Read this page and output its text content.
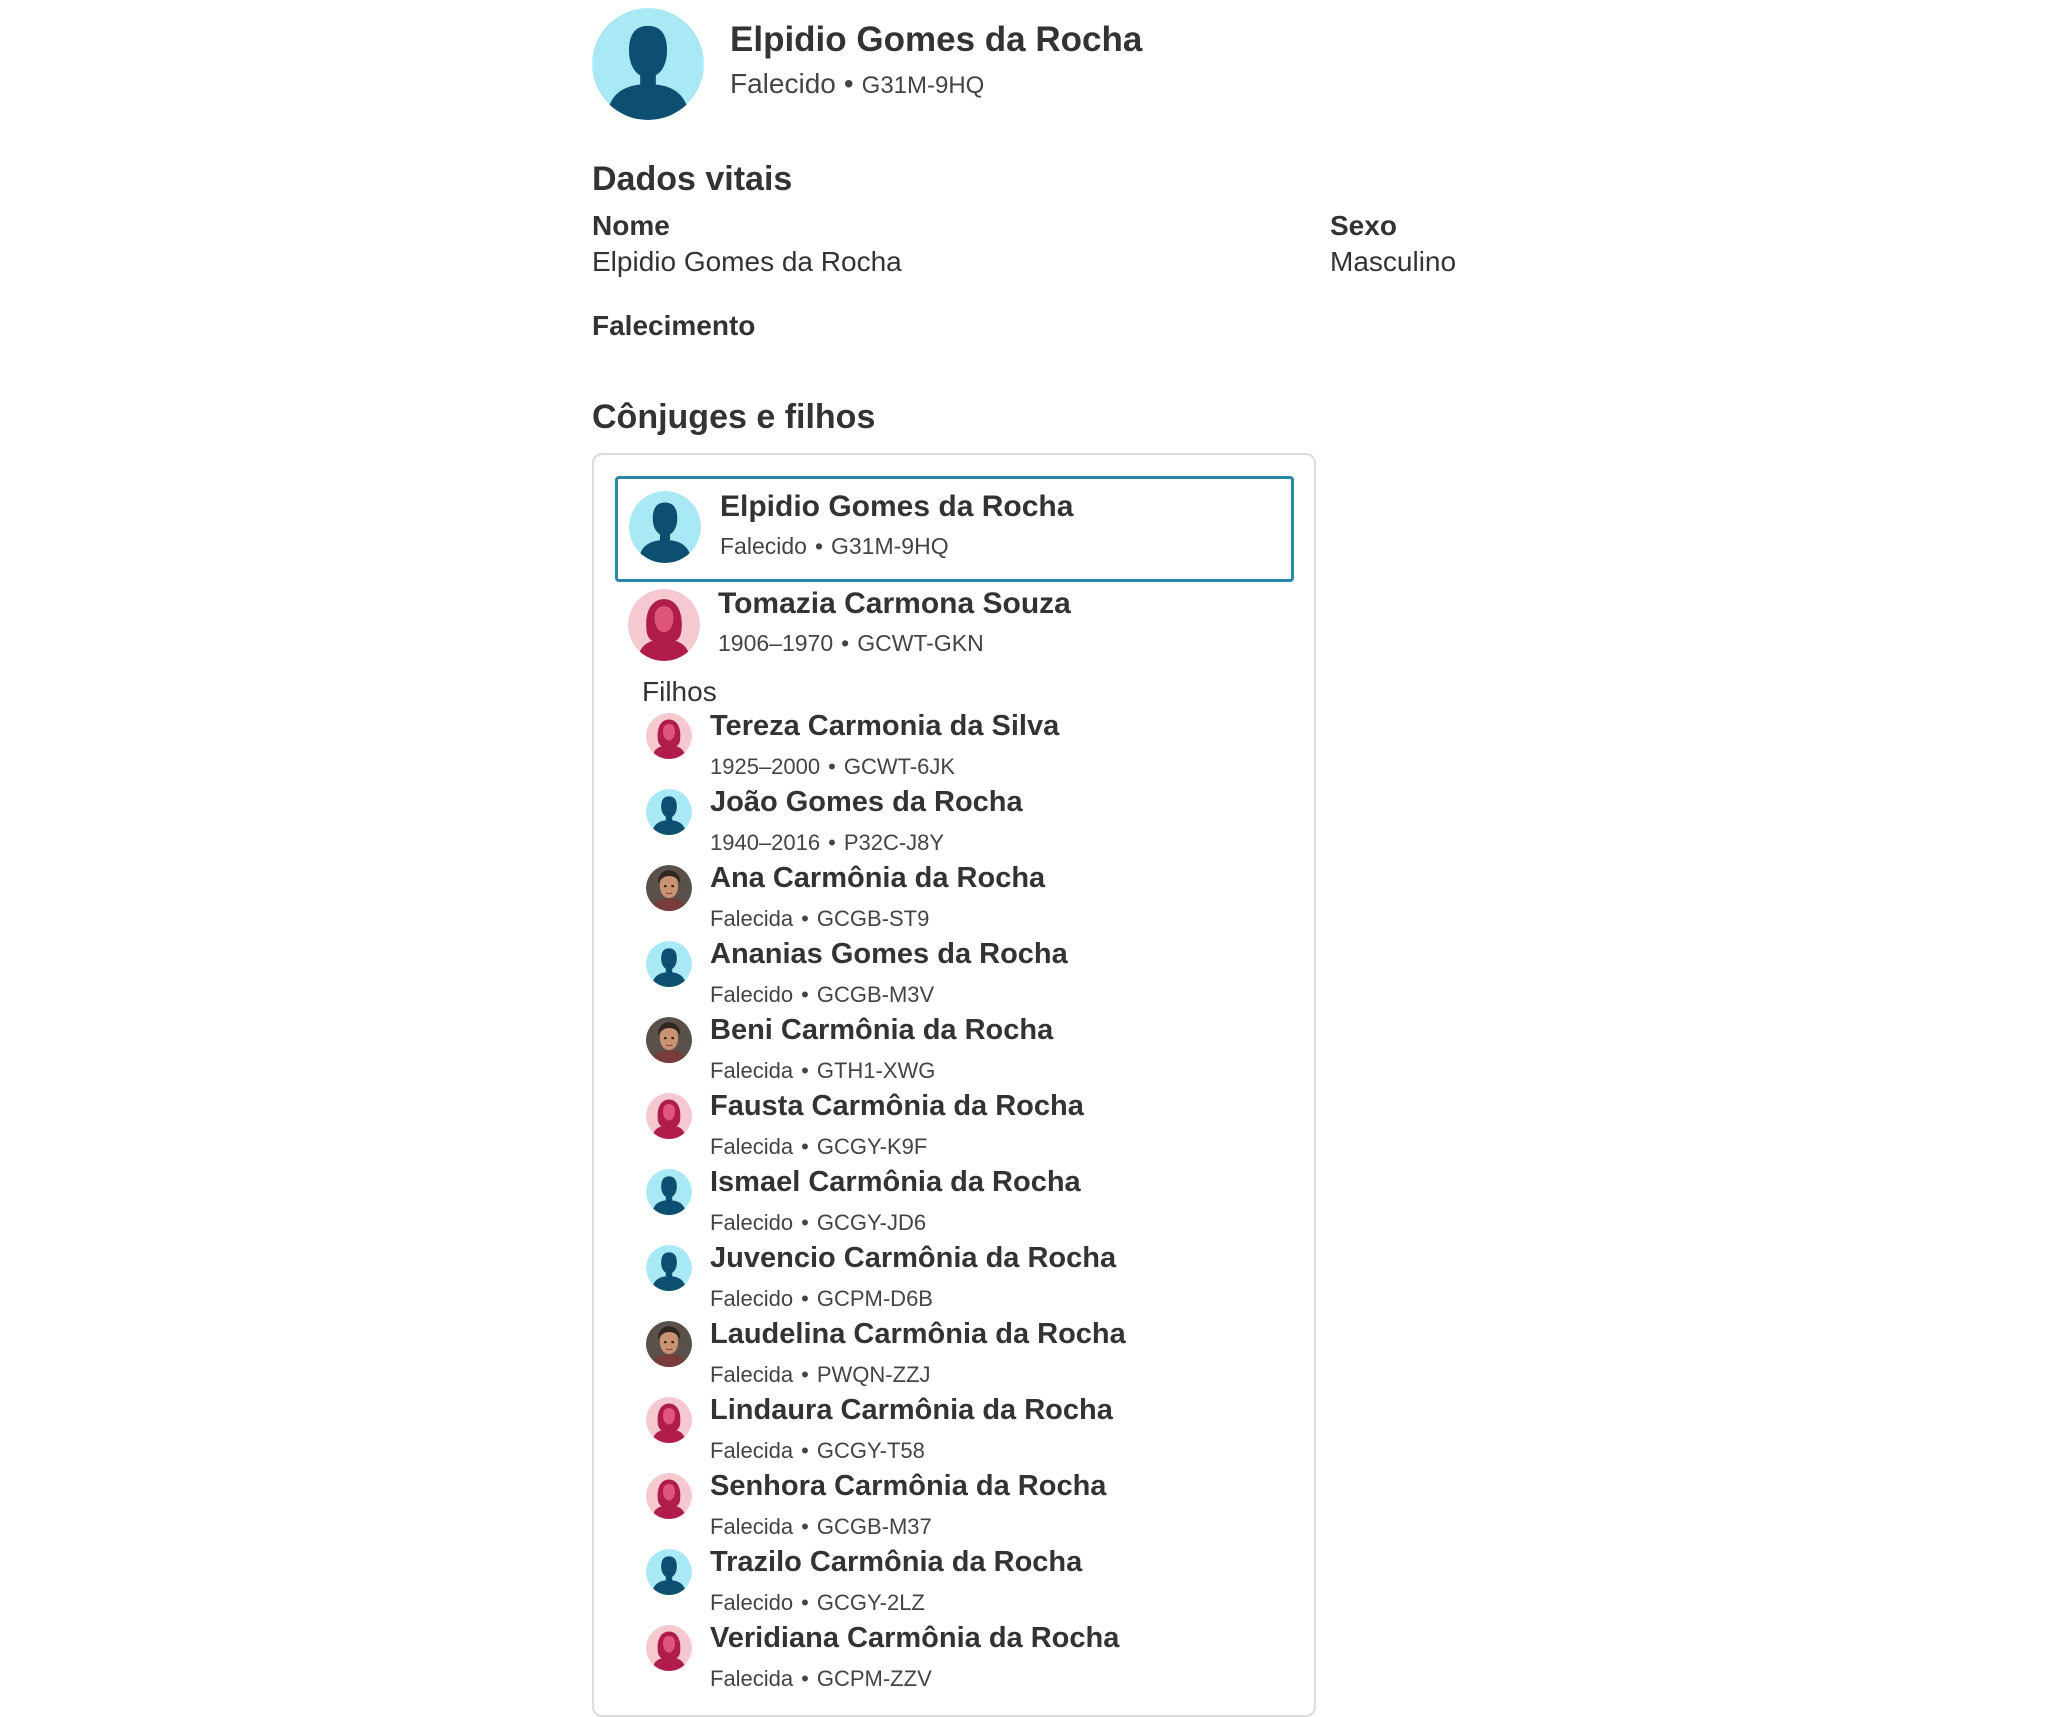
Elpidio Gomes da Rocha
Falecido • G31M-9HQ
Dados vitais
Nome
Elpidio Gomes da Rocha
Sexo
Masculino
Falecimento
Cônjuges e filhos
Elpidio Gomes da Rocha
Falecido • G31M-9HQ
Tomazia Carmona Souza
1906–1970 • GCWT-GKN
Filhos
Tereza Carmonia da Silva
1925–2000 • GCWT-6JK
João Gomes da Rocha
1940–2016 • P32C-J8Y
Ana Carmônia da Rocha
Falecida • GCGB-ST9
Ananias Gomes da Rocha
Falecido • GCGB-M3V
Beni Carmônia da Rocha
Falecida • GTH1-XWG
Fausta Carmônia da Rocha
Falecida • GCGY-K9F
Ismael Carmônia da Rocha
Falecido • GCGY-JD6
Juvencio Carmônia da Rocha
Falecido • GCPM-D6B
Laudelina Carmônia da Rocha
Falecida • PWQN-ZZJ
Lindaura Carmônia da Rocha
Falecida • GCGY-T58
Senhora Carmônia da Rocha
Falecida • GCGB-M37
Trazilo Carmônia da Rocha
Falecido • GCGY-2LZ
Veridiana Carmônia da Rocha
Falecida • GCPM-ZZV
